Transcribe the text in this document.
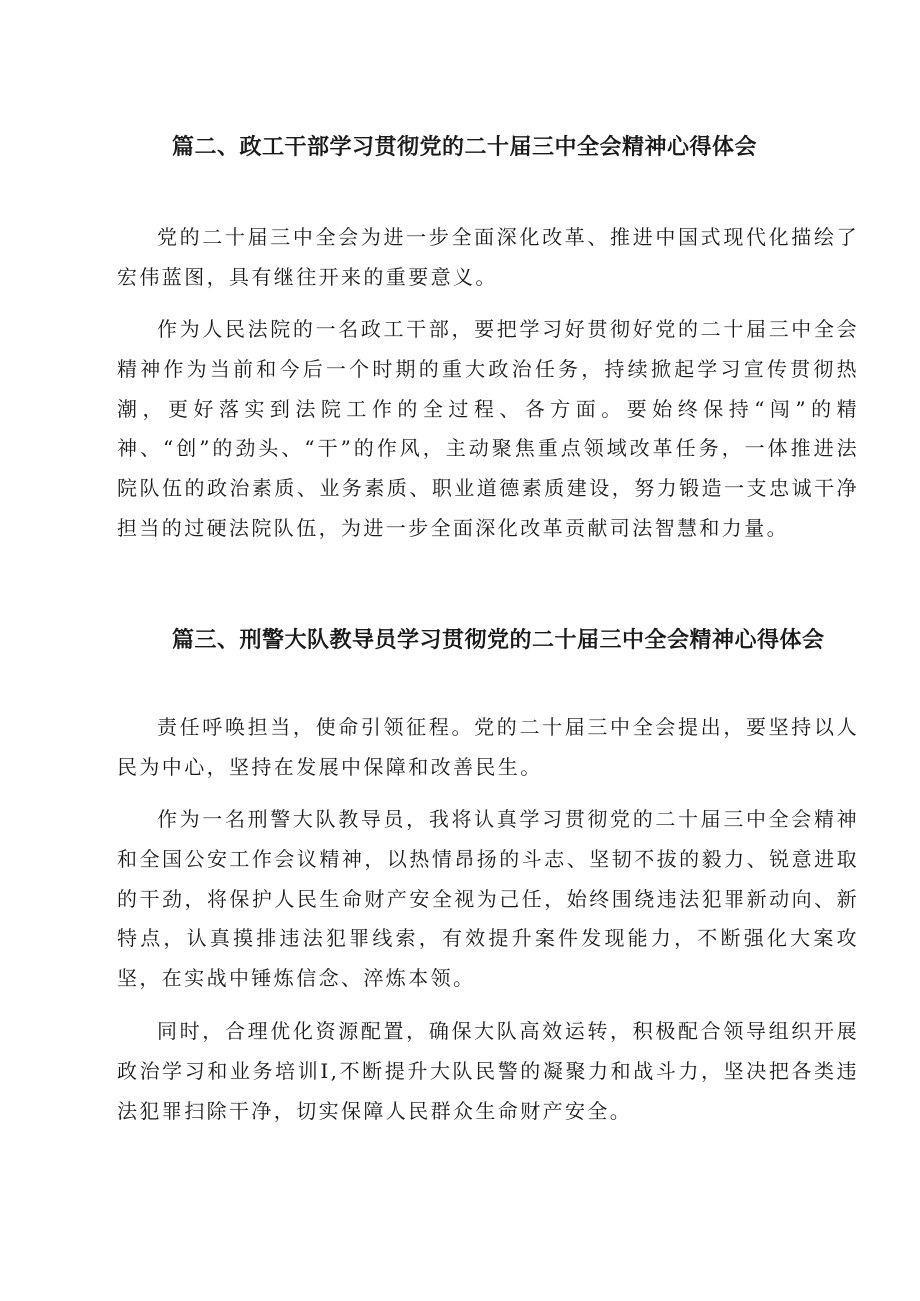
篇二、政工干部学习贯彻党的二十届三中全会精神心得体会

党的二十届三中全会为进一步全面深化改革、推进中国式现代化描绘了宏伟蓝图，具有继往开来的重要意义。

作为人民法院的一名政工干部，要把学习好贯彻好党的二十届三中全会精神作为当前和今后一个时期的重大政治任务，持续掀起学习宣传贯彻热潮，更好落实到法院工作的全过程、各方面。要始终保持“闯”的精神、“创”的劲头、“干”的作风，主动聚焦重点领域改革任务，一体推进法院队伍的政治素质、业务素质、职业道德素质建设，努力锻造一支忠诚干净担当的过硬法院队伍，为进一步全面深化改革贡献司法智慧和力量。

篇三、刑警大队教导员学习贯彻党的二十届三中全会精神心得体会

责任呼唤担当，使命引领征程。党的二十届三中全会提出，要坚持以人民为中心，坚持在发展中保障和改善民生。

作为一名刑警大队教导员，我将认真学习贯彻党的二十届三中全会精神和全国公安工作会议精神，以热情昂扬的斗志、坚韧不拔的毅力、锐意进取的干劲，将保护人民生命财产安全视为己任，始终围绕违法犯罪新动向、新特点，认真摸排违法犯罪线索，有效提升案件发现能力，不断强化大案攻坚，在实战中锤炼信念、淬炼本领。

同时，合理优化资源配置，确保大队高效运转，积极配合领导组织开展政治学习和业务培训I,不断提升大队民警的凝聚力和战斗力，坚决把各类违法犯罪扫除干净，切实保障人民群众生命财产安全。
